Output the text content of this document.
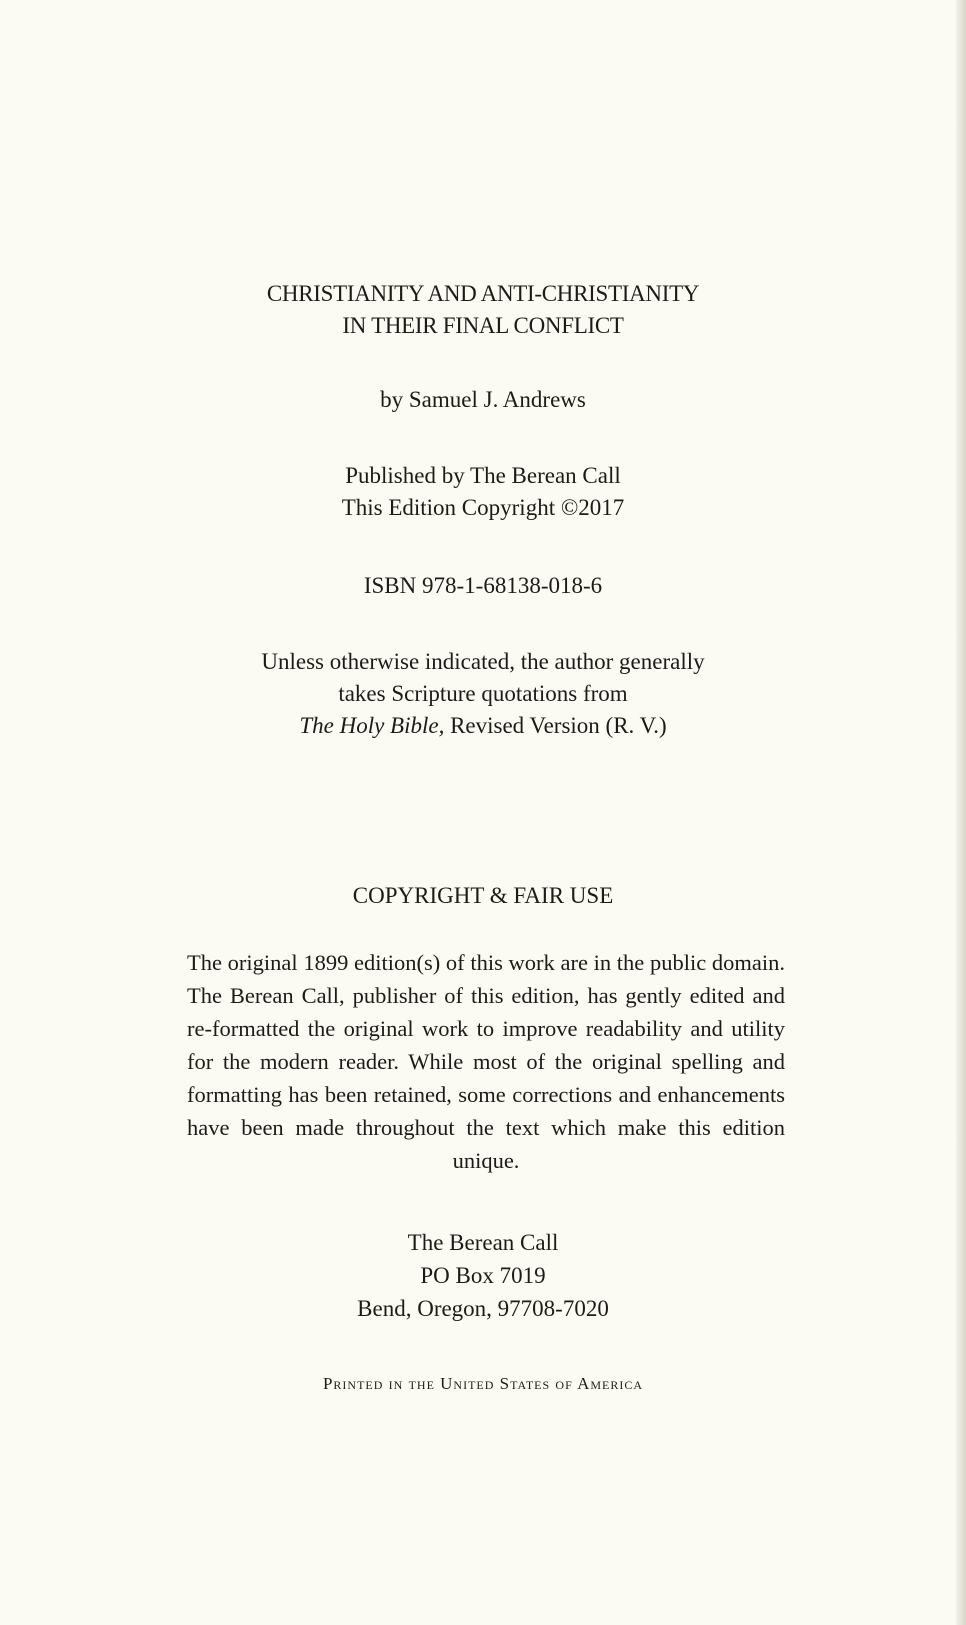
CHRISTIANITY AND ANTI-CHRISTIANITY
IN THEIR FINAL CONFLICT
by Samuel J. Andrews
Published by The Berean Call
This Edition Copyright ©2017
ISBN 978-1-68138-018-6
Unless otherwise indicated, the author generally
takes Scripture quotations from
The Holy Bible, Revised Version (R. V.)
COPYRIGHT & FAIR USE
The original 1899 edition(s) of this work are in the public domain. The Berean Call, publisher of this edition, has gently edited and re-formatted the original work to improve readability and utility for the modern reader. While most of the original spelling and formatting has been retained, some corrections and enhancements have been made throughout the text which make this edition unique.
The Berean Call
PO Box 7019
Bend, Oregon, 97708-7020
Printed in the United States of America
